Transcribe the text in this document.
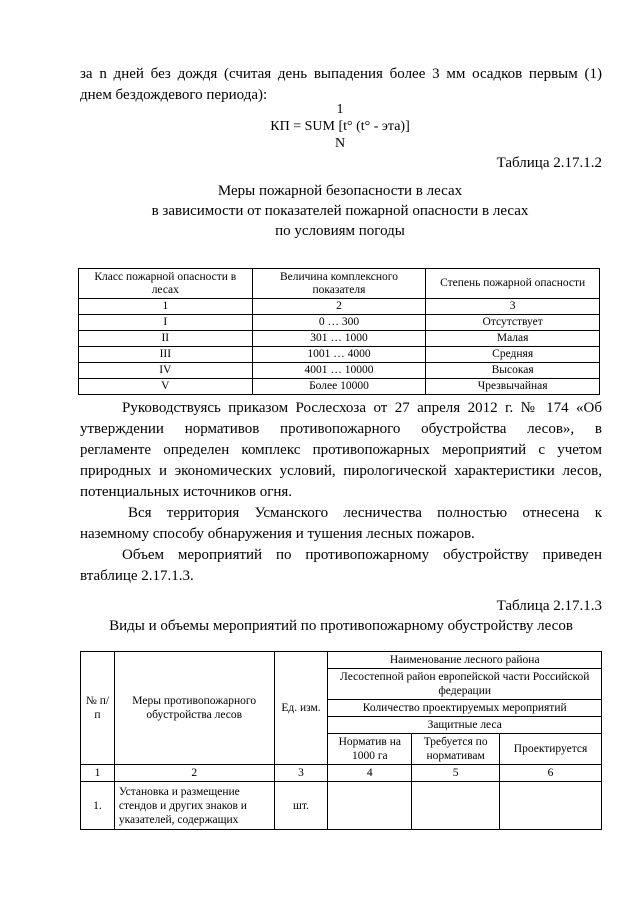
за n дней без дождя (считая день выпадения более 3 мм осадков первым (1)
днем бездождевого периода):
1
КП = SUM [t° (t° - эта)]
N
Таблица 2.17.1.2
Меры пожарной безопасности в лесах
в зависимости от показателей пожарной опасности в лесах
по условиям погоды
Класс пожарной опасности в лесах	Величина комплексного показателя	Степень пожарной опасности
1	2	3
I	0 … 300	Отсутствует
II	301 … 1000	Малая
III	1001 … 4000	Средняя
IV	4001 … 10000	Высокая
V	Более 10000	Чрезвычайная
Руководствуясь приказом Рослесхоза от 27 апреля 2012 г. № 174 «Об
утверждении нормативов противопожарного обустройства лесов», в
регламенте определен комплекс противопожарных мероприятий с учетом
природных и экономических условий, пирологической характеристики лесов,
потенциальных источников огня.
Вся территория Усманского лесничества полностью отнесена к
наземному способу обнаружения и тушения лесных пожаров.
Объем мероприятий по противопожарному обустройству приведен
втаблице 2.17.1.3.
Таблица 2.17.1.3
Виды и объемы мероприятий по противопожарному обустройству лесов
№ п/п	Меры противопожарного обустройства лесов	Ед. изм.	Наименование лесного района		
			Лесостепной район европейской части Российской федерации		
			Количество проектируемых мероприятий		
			Защитные леса		
			Норматив на 1000 га	Требуется по нормативам	Проектируется
1	2	3	4	5	6
1.	Установка и размещение стендов и других знаков и указателей, содержащих	шт.			
